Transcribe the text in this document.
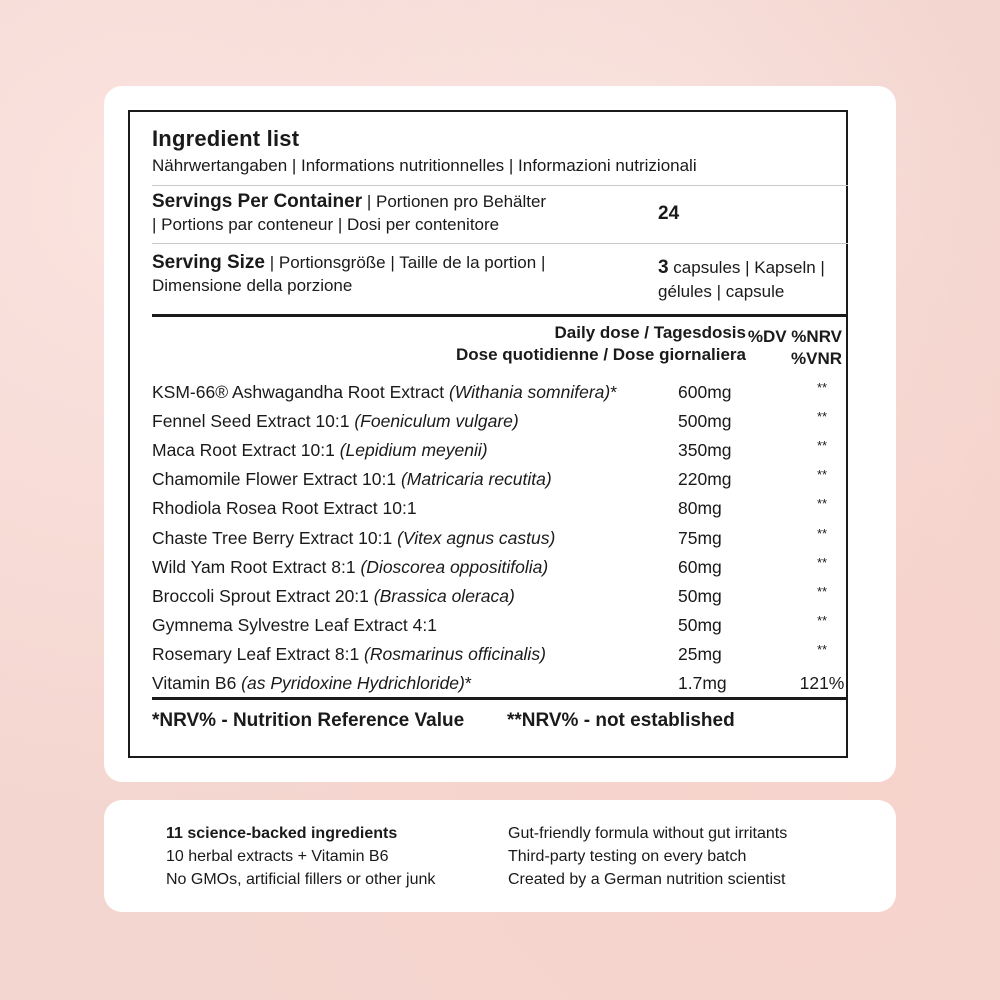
Ingredient list
Nährwertangaben | Informations nutritionnelles | Informazioni nutrizionali
Servings Per Container | Portionen pro Behälter
| Portions par conteneur | Dosi per contenitore
24
Serving Size | Portionsgröße | Taille de la portion |
Dimensione della porzione
3 capsules | Kapseln |
gélules | capsule
Daily dose / Tagesdosis
Dose quotidienne / Dose giornaliera
%DV %NRV
%VNR
KSM-66® Ashwagandha Root Extract (Withania somnifera)*	600mg	**
Fennel Seed Extract 10:1 (Foeniculum vulgare)	500mg	**
Maca Root Extract 10:1 (Lepidium meyenii)	350mg	**
Chamomile Flower Extract 10:1 (Matricaria recutita)	220mg	**
Rhodiola Rosea Root Extract 10:1	80mg	**
Chaste Tree Berry Extract 10:1 (Vitex agnus castus)	75mg	**
Wild Yam Root Extract 8:1 (Dioscorea oppositifolia)	60mg	**
Broccoli Sprout Extract 20:1 (Brassica oleraca)	50mg	**
Gymnema Sylvestre Leaf Extract 4:1	50mg	**
Rosemary Leaf Extract 8:1 (Rosmarinus officinalis)	25mg	**
Vitamin B6 (as Pyridoxine Hydrichloride)*	1.7mg	121%
*NRV% - Nutrition Reference Value **NRV% - not established
11 science-backed ingredients
10 herbal extracts + Vitamin B6
No GMOs, artificial fillers or other junk
Gut-friendly formula without gut irritants
Third-party testing on every batch
Created by a German nutrition scientist
